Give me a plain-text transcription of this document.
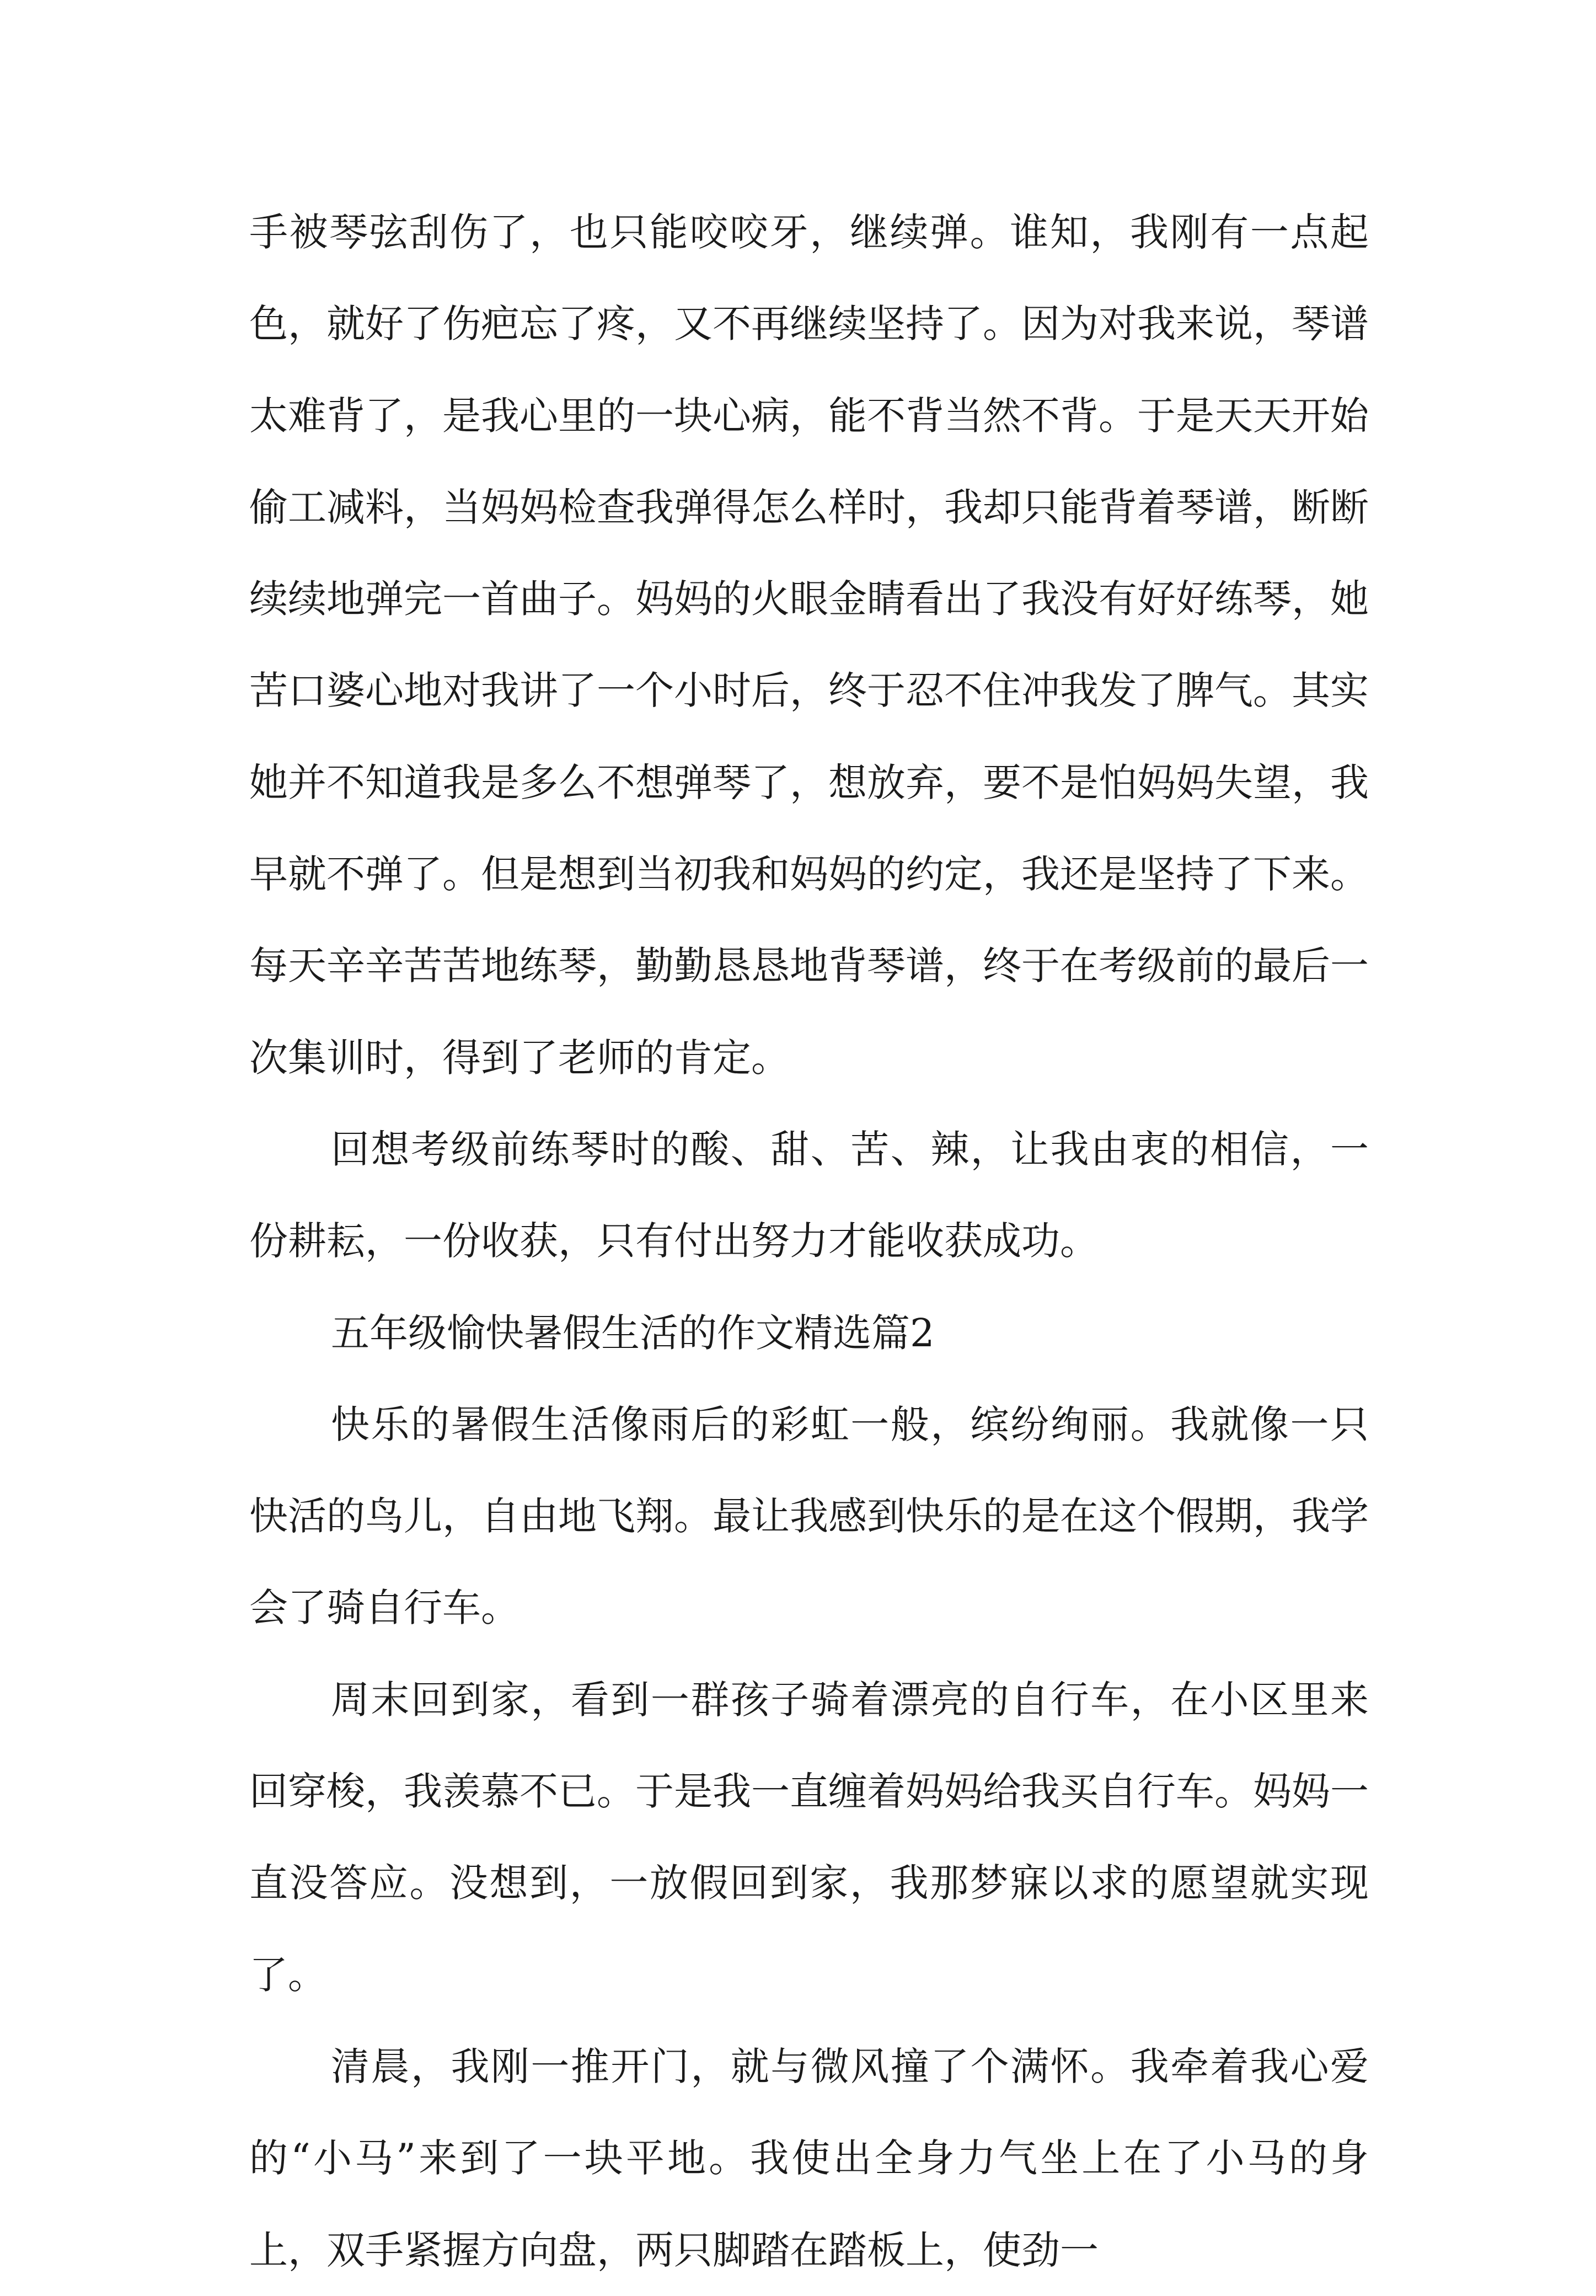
手被琴弦刮伤了，也只能咬咬牙，继续弹。谁知，我刚有一点起色，就好了伤疤忘了疼，又不再继续坚持了。因为对我来说，琴谱太难背了，是我心里的一块心病，能不背当然不背。于是天天开始偷工减料，当妈妈检查我弹得怎么样时，我却只能背着琴谱，断断续续地弹完一首曲子。妈妈的火眼金睛看出了我没有好好练琴，她苦口婆心地对我讲了一个小时后，终于忍不住冲我发了脾气。其实她并不知道我是多么不想弹琴了，想放弃，要不是怕妈妈失望，我早就不弹了。但是想到当初我和妈妈的约定，我还是坚持了下来。每天辛辛苦苦地练琴，勤勤恳恳地背琴谱，终于在考级前的最后一次集训时，得到了老师的肯定。

回想考级前练琴时的酸、甜、苦、辣，让我由衷的相信，一份耕耘，一份收获，只有付出努力才能收获成功。

五年级愉快暑假生活的作文精选篇2

快乐的暑假生活像雨后的彩虹一般，缤纷绚丽。我就像一只快活的鸟儿，自由地飞翔。最让我感到快乐的是在这个假期，我学会了骑自行车。

周末回到家，看到一群孩子骑着漂亮的自行车，在小区里来回穿梭，我羡慕不已。于是我一直缠着妈妈给我买自行车。妈妈一直没答应。没想到，一放假回到家，我那梦寐以求的愿望就实现了。

清晨，我刚一推开门，就与微风撞了个满怀。我牵着我心爱的“小马”来到了一块平地。我使出全身力气坐上在了小马的身上，双手紧握方向盘，两只脚踏在踏板上，使劲一
